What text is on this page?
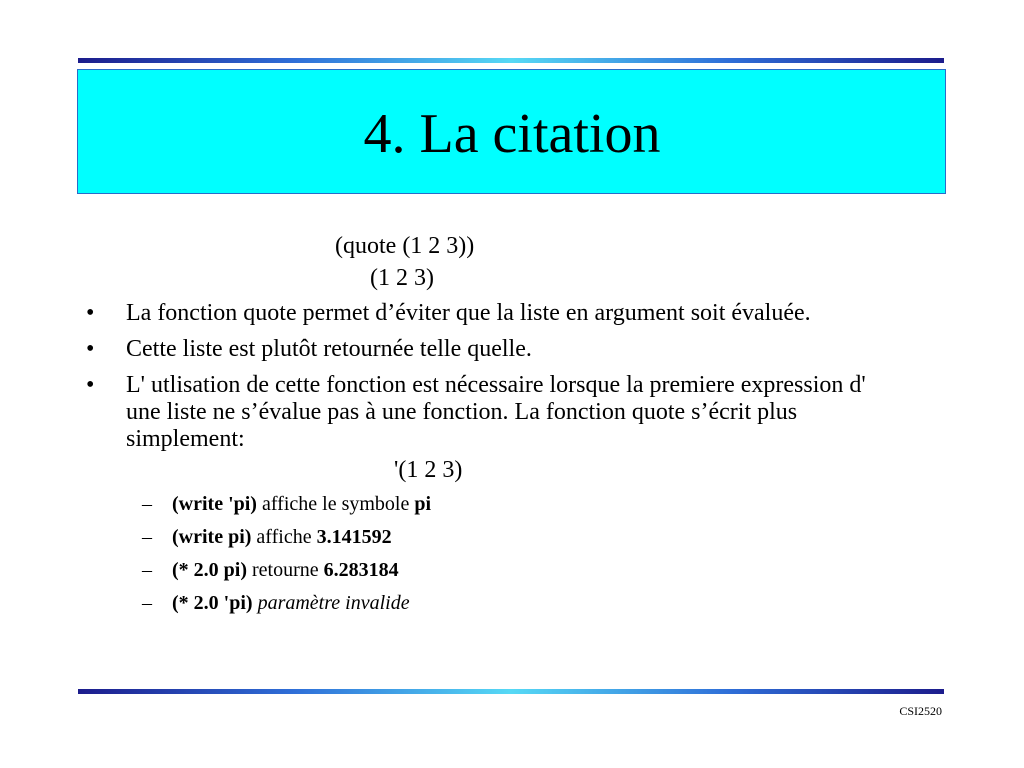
4. La citation
(quote (1 2 3))
(1 2 3)
• La fonction quote permet d’éviter que la liste en argument soit évaluée.
• Cette liste est plutôt retournée telle quelle.
• L' utlisation de cette fonction est nécessaire lorsque la premiere expression d' une liste ne s’évalue pas à une fonction. La fonction quote s’écrit plus simplement:
'(1 2 3)
– (write 'pi) affiche le symbole pi
– (write pi) affiche 3.141592
– (* 2.0 pi) retourne 6.283184
– (* 2.0 'pi) paramètre invalide
CSI2520
